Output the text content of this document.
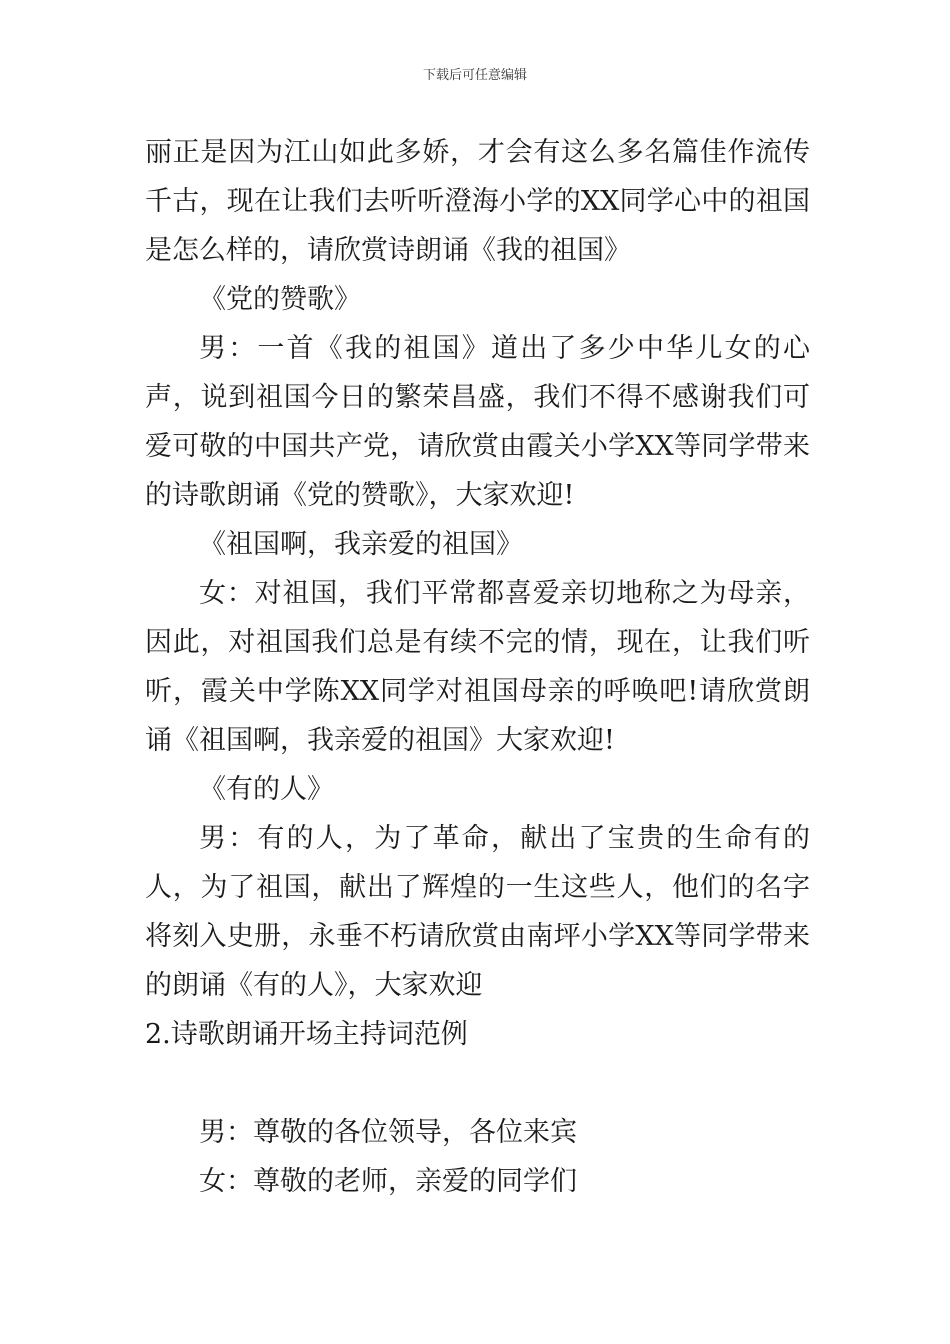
下载后可任意编辑

丽正是因为江山如此多娇，才会有这么多名篇佳作流传千古，现在让我们去听听澄海小学的XX同学心中的祖国是怎么样的，请欣赏诗朗诵《我的祖国》

《党的赞歌》

男：一首《我的祖国》道出了多少中华儿女的心声，说到祖国今日的繁荣昌盛，我们不得不感谢我们可爱可敬的中国共产党，请欣赏由霞关小学XX等同学带来的诗歌朗诵《党的赞歌》，大家欢迎!

《祖国啊，我亲爱的祖国》

女：对祖国，我们平常都喜爱亲切地称之为母亲，因此，对祖国我们总是有续不完的情，现在，让我们听听，霞关中学陈XX同学对祖国母亲的呼唤吧!请欣赏朗诵《祖国啊，我亲爱的祖国》大家欢迎!

《有的人》

男：有的人，为了革命，献出了宝贵的生命有的人，为了祖国，献出了辉煌的一生这些人，他们的名字将刻入史册，永垂不朽请欣赏由南坪小学XX等同学带来的朗诵《有的人》，大家欢迎

2.诗歌朗诵开场主持词范例

男：尊敬的各位领导，各位来宾

女：尊敬的老师，亲爱的同学们
